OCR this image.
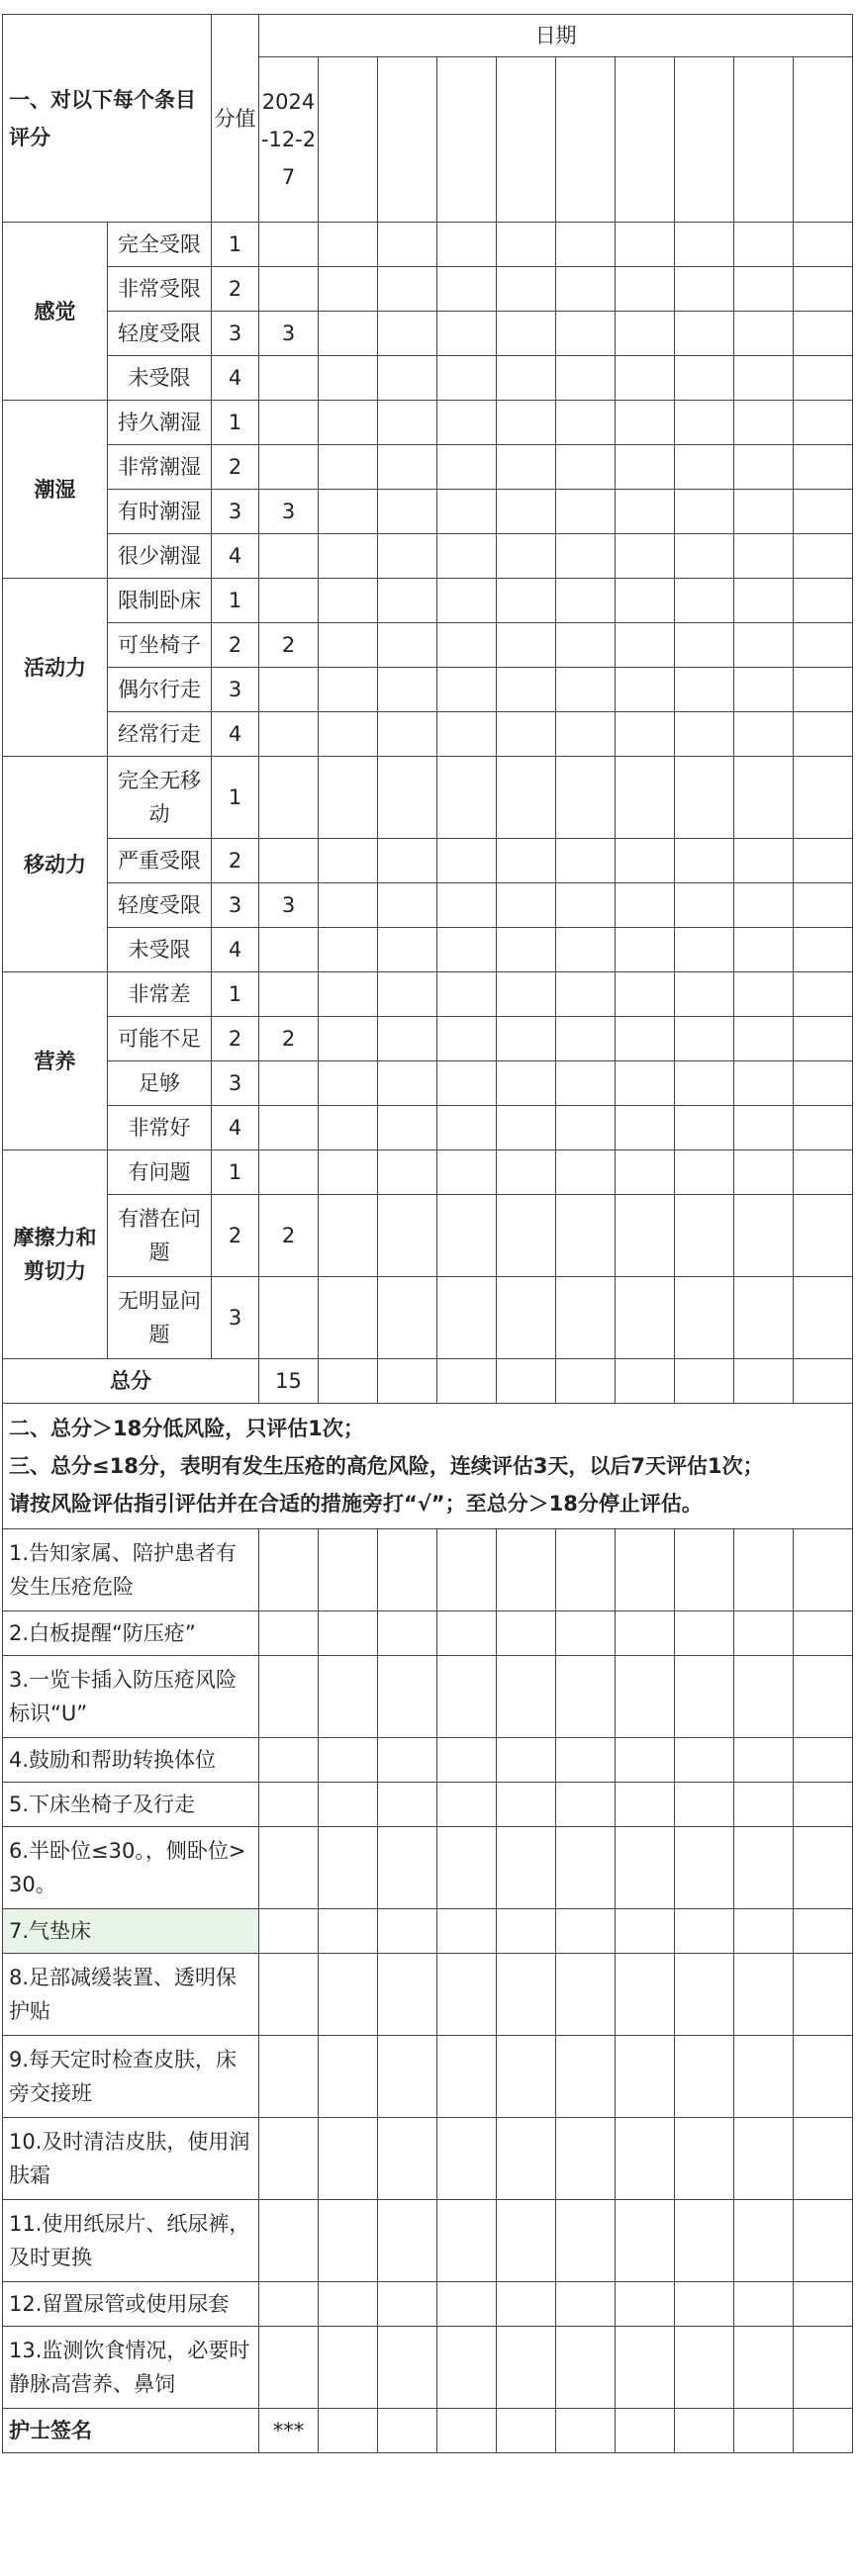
一、对以下每个条目评分		分值	日期									
			2024-12-27									
感觉	完全受限	1										
	非常受限	2										
	轻度受限	3	3									
	未受限	4										
潮湿	持久潮湿	1										
	非常潮湿	2										
	有时潮湿	3	3									
	很少潮湿	4										
活动力	限制卧床	1										
	可坐椅子	2	2									
	偶尔行走	3										
	经常行走	4										
移动力	完全无移动	1										
	严重受限	2										
	轻度受限	3	3									
	未受限	4										
营养	非常差	1										
	可能不足	2	2									
	足够	3										
	非常好	4										
摩擦力和剪切力	有问题	1										
	有潜在问题	2	2									
	无明显问题	3										
总分			15									

二、总分＞18分低风险，只评估1次；
三、总分≤18分，表明有发生压疮的高危风险，连续评估3天，以后7天评估1次；
请按风险评估指引评估并在合适的措施旁打“√”；至总分＞18分停止评估。												

1.告知家属、陪护患者有发生压疮危险												
2.白板提醒“防压疮”												
3.一览卡插入防压疮风险标识“U”												
4.鼓励和帮助转换体位												
5.下床坐椅子及行走												
6.半卧位≤30。，侧卧位>30。												
7.气垫床												
8.足部减缓装置、透明保护贴												
9.每天定时检查皮肤，床旁交接班												
10.及时清洁皮肤，使用润肤霜												
11.使用纸尿片、纸尿裤，及时更换												
12.留置尿管或使用尿套												
13.监测饮食情况，必要时静脉高营养、鼻饲												
护士签名			***									
